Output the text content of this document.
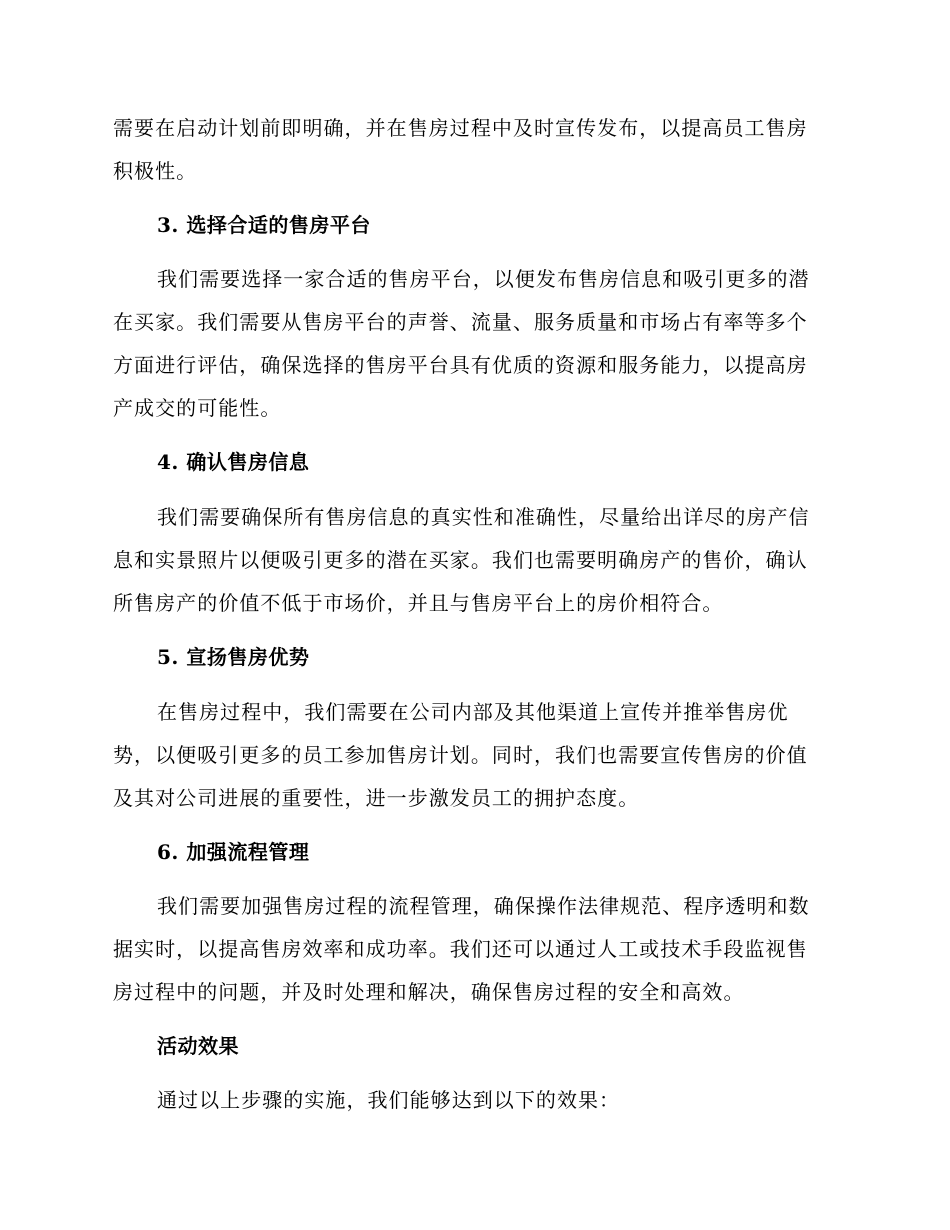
需要在启动计划前即明确，并在售房过程中及时宣传发布，以提高员工售房
积极性。
3. 选择合适的售房平台
我们需要选择一家合适的售房平台，以便发布售房信息和吸引更多的潜
在买家。我们需要从售房平台的声誉、流量、服务质量和市场占有率等多个
方面进行评估，确保选择的售房平台具有优质的资源和服务能力，以提高房
产成交的可能性。
4. 确认售房信息
我们需要确保所有售房信息的真实性和准确性，尽量给出详尽的房产信
息和实景照片以便吸引更多的潜在买家。我们也需要明确房产的售价，确认
所售房产的价值不低于市场价，并且与售房平台上的房价相符合。
5. 宣扬售房优势
在售房过程中，我们需要在公司内部及其他渠道上宣传并推举售房优
势，以便吸引更多的员工参加售房计划。同时，我们也需要宣传售房的价值
及其对公司进展的重要性，进一步激发员工的拥护态度。
6. 加强流程管理
我们需要加强售房过程的流程管理，确保操作法律规范、程序透明和数
据实时，以提高售房效率和成功率。我们还可以通过人工或技术手段监视售
房过程中的问题，并及时处理和解决，确保售房过程的安全和高效。
活动效果
通过以上步骤的实施，我们能够达到以下的效果：
